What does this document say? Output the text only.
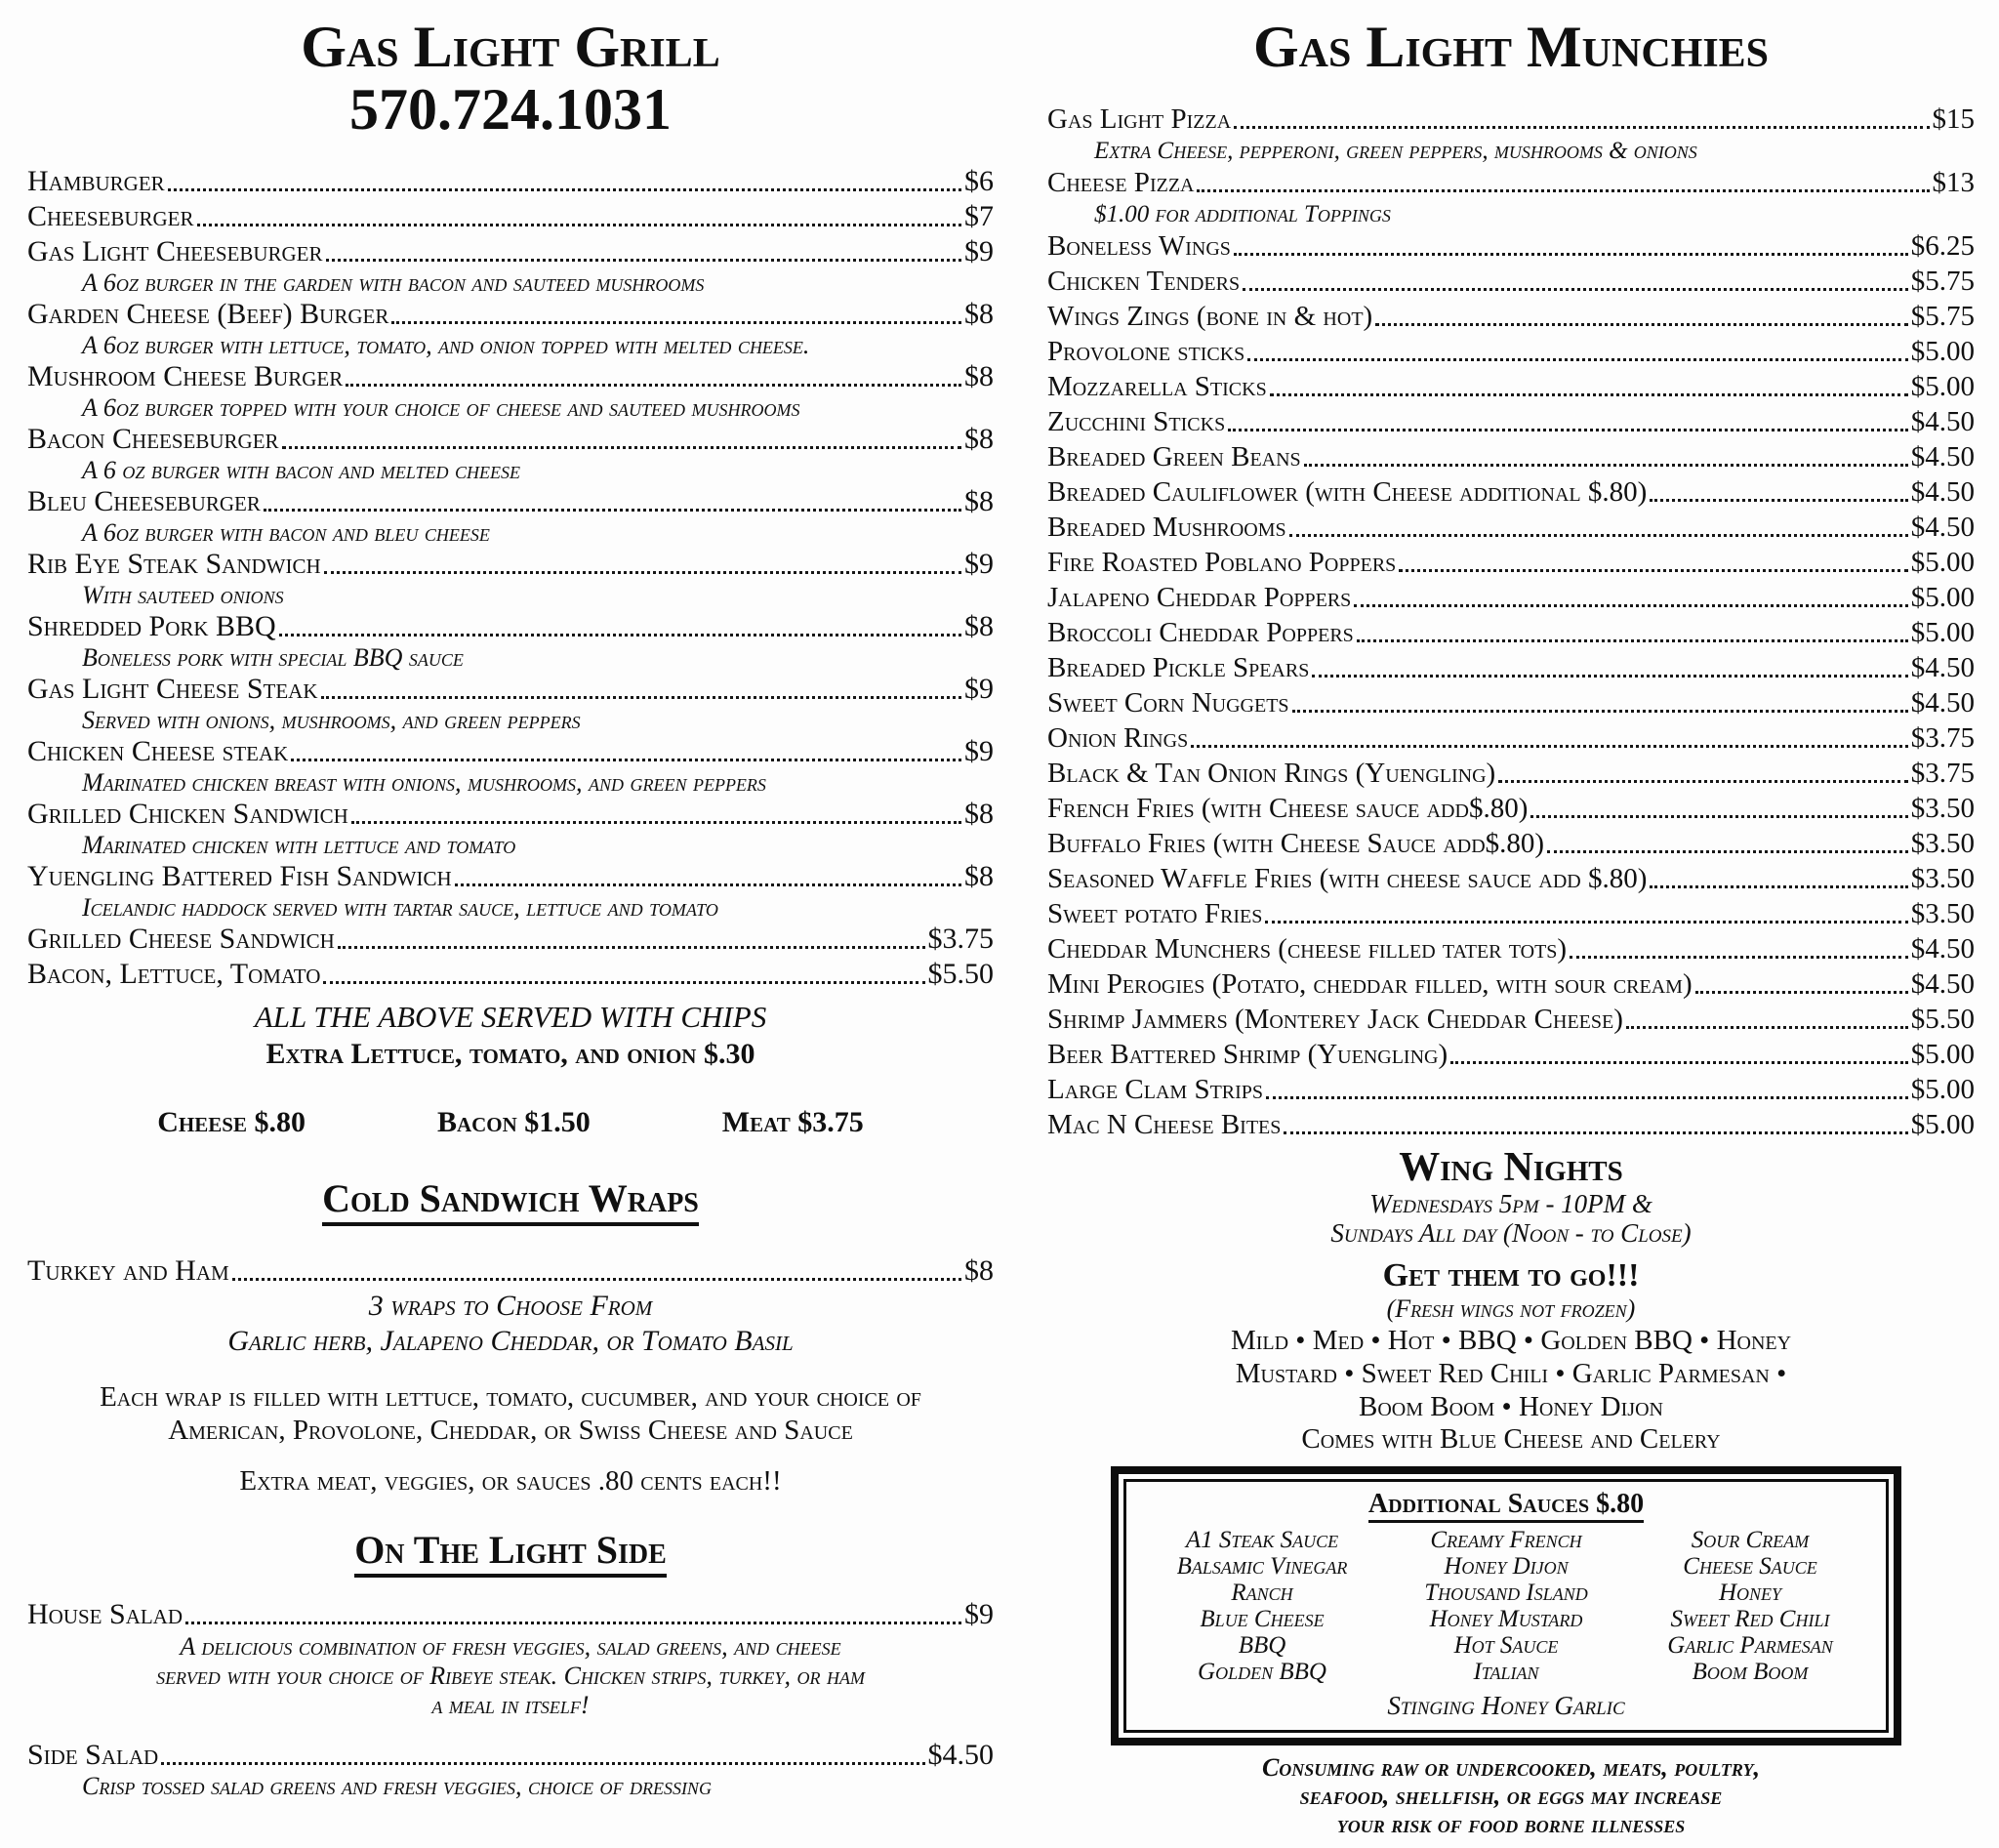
Gas Light Grill
570.724.1031
Hamburger	$6
Cheeseburger	$7
Gas Light Cheeseburger	$9
A 6oz burger in the garden with bacon and sauteed mushrooms
Garden Cheese (Beef) Burger	$8
A 6oz burger with lettuce, tomato, and onion topped with melted cheese.
Mushroom Cheese Burger	$8
A 6oz burger topped with your choice of cheese and sauteed mushrooms
Bacon Cheeseburger	$8
A 6 oz burger with bacon and melted cheese
Bleu Cheeseburger	$8
A 6oz burger with bacon and bleu cheese
Rib Eye Steak Sandwich	$9
With sauteed onions
Shredded Pork BBQ	$8
Boneless pork with special BBQ sauce
Gas Light Cheese Steak	$9
Served with onions, mushrooms, and green peppers
Chicken Cheese steak	$9
Marinated chicken breast with onions, mushrooms, and green peppers
Grilled Chicken Sandwich	$8
Marinated chicken with lettuce and tomato
Yuengling Battered Fish Sandwich	$8
Icelandic haddock served with tartar sauce, lettuce and tomato
Grilled Cheese Sandwich	$3.75
Bacon, Lettuce, Tomato	$5.50
ALL THE ABOVE SERVED WITH CHIPS
Extra Lettuce, tomato, and onion $.30
Cheese $.80	Bacon $1.50	Meat $3.75
Cold Sandwich Wraps
Turkey and Ham	$8
3 wraps to Choose From
Garlic herb, Jalapeno Cheddar, or Tomato Basil
Each wrap is filled with lettuce, tomato, cucumber, and your choice of
American, Provolone, Cheddar, or Swiss Cheese and Sauce
Extra meat, veggies, or sauces .80 cents each!!
On The Light Side
House Salad	$9
A delicious combination of fresh veggies, salad greens, and cheese
served with your choice of Ribeye steak. Chicken strips, turkey, or ham
a meal in itself!
Side Salad	$4.50
Crisp tossed salad greens and fresh veggies, choice of dressing
Gas Light Munchies
Gas Light Pizza	$15
Extra Cheese, pepperoni, green peppers, mushrooms & onions
Cheese Pizza	$13
$1.00 for additional Toppings
Boneless Wings	$6.25
Chicken Tenders	$5.75
Wings Zings (bone in & hot)	$5.75
Provolone sticks	$5.00
Mozzarella Sticks	$5.00
Zucchini Sticks	$4.50
Breaded Green Beans	$4.50
Breaded Cauliflower (with Cheese additional $.80)	$4.50
Breaded Mushrooms	$4.50
Fire Roasted Poblano Poppers	$5.00
Jalapeno Cheddar Poppers	$5.00
Broccoli Cheddar Poppers	$5.00
Breaded Pickle Spears	$4.50
Sweet Corn Nuggets	$4.50
Onion Rings	$3.75
Black & Tan Onion Rings (Yuengling)	$3.75
French Fries (with Cheese sauce add$.80)	$3.50
Buffalo Fries (with Cheese Sauce add$.80)	$3.50
Seasoned Waffle Fries (with cheese sauce add $.80)	$3.50
Sweet potato Fries	$3.50
Cheddar Munchers (cheese filled tater tots)	$4.50
Mini Perogies (Potato, cheddar filled, with sour cream)	$4.50
Shrimp Jammers (Monterey Jack Cheddar Cheese)	$5.50
Beer Battered Shrimp (Yuengling)	$5.00
Large Clam Strips	$5.00
Mac N Cheese Bites	$5.00
Wing Nights
Wednesdays 5pm - 10PM &
Sundays All day (Noon - to Close)
Get them to go!!!
(Fresh wings not frozen)
Mild • Med • Hot • BBQ • Golden BBQ • Honey
Mustard • Sweet Red Chili • Garlic Parmesan •
Boom Boom • Honey Dijon
Comes with Blue Cheese and Celery
Additional Sauces $.80
A1 Steak Sauce
Balsamic Vinegar
Ranch
Blue Cheese
BBQ
Golden BBQ
Creamy French
Honey Dijon
Thousand Island
Honey Mustard
Hot Sauce
Italian
Sour Cream
Cheese Sauce
Honey
Sweet Red Chili
Garlic Parmesan
Boom Boom
Stinging Honey Garlic
Consuming raw or undercooked, meats, poultry,
seafood, shellfish, or eggs may increase
your risk of food borne illnesses
